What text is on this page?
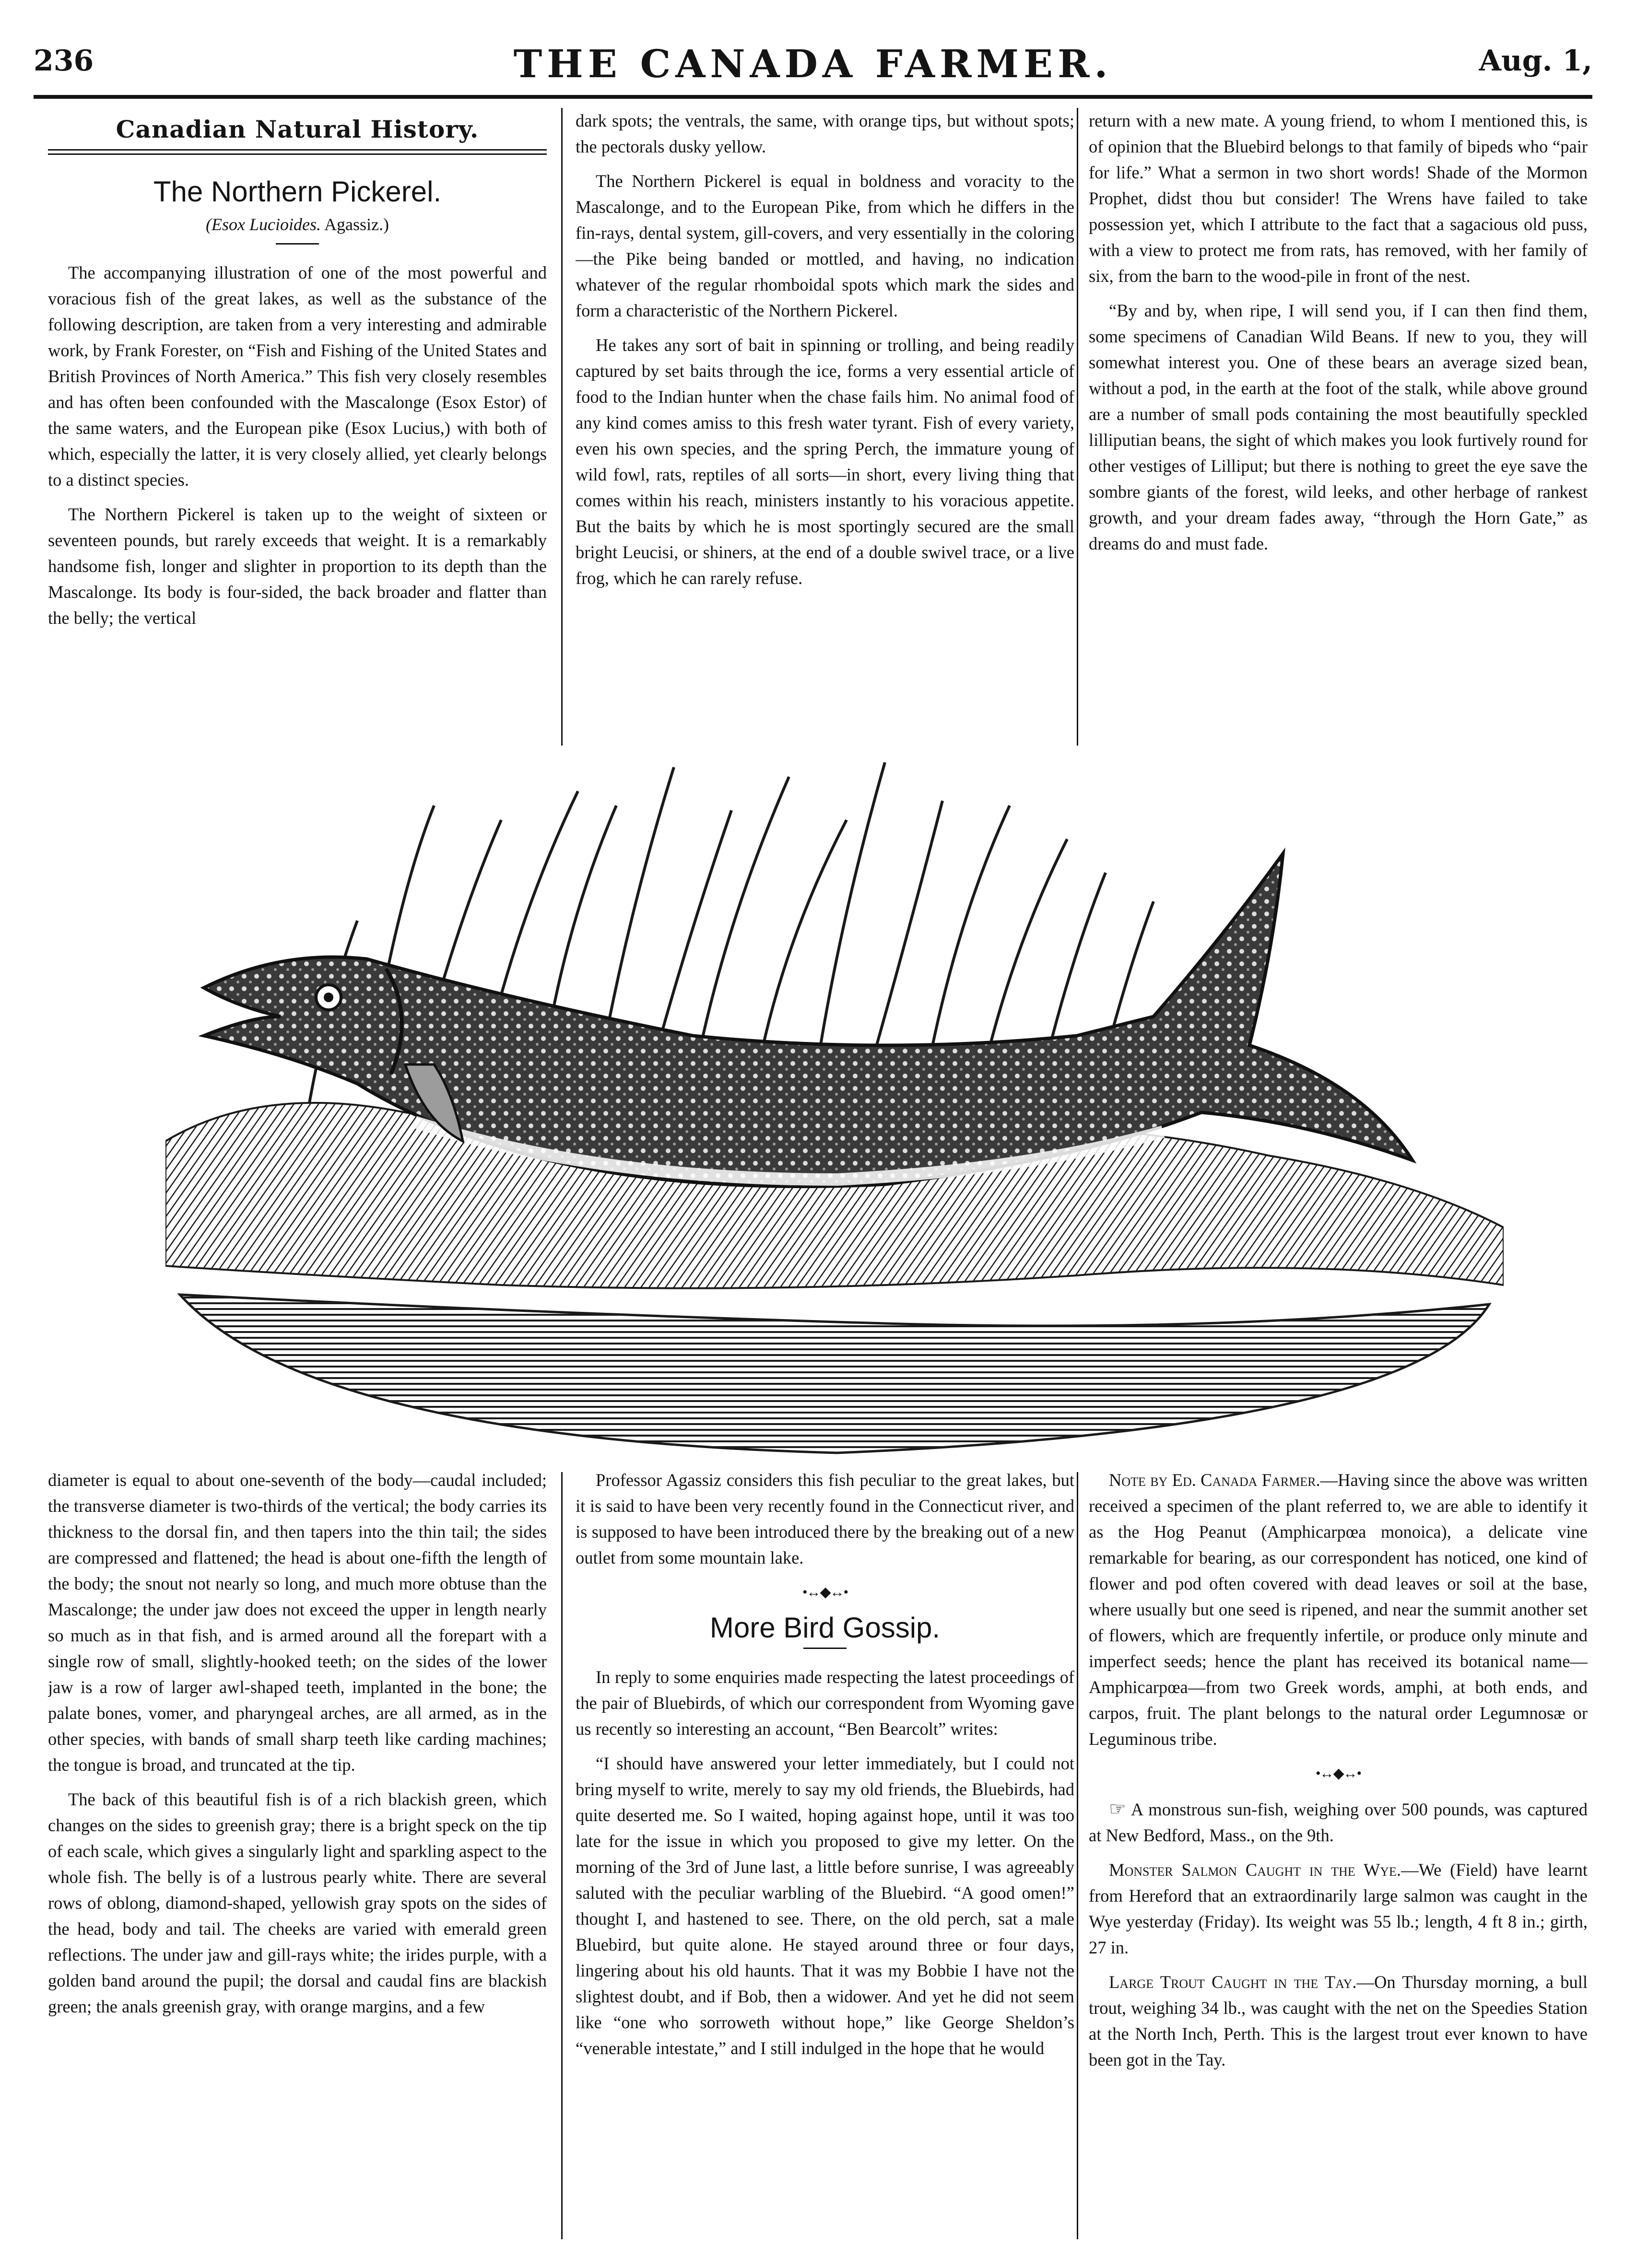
236	THE CANADA FARMER.	Aug. 1,
Canadian Natural History.
The Northern Pickerel.
(Esox Lucioides. Agassiz.)

The accompanying illustration of one of the most powerful and voracious fish of the great lakes, as well as the substance of the following description, are taken from a very interesting and admirable work, by Frank Forester, on “Fish and Fishing of the United States and British Provinces of North America.” This fish very closely resembles and has often been confounded with the Mascalonge (Esox Estor) of the same waters, and the European pike (Esox Lucius,) with both of which, especially the latter, it is very closely allied, yet clearly belongs to a distinct species.

The Northern Pickerel is taken up to the weight of sixteen or seventeen pounds, but rarely exceeds that weight. It is a remarkably handsome fish, longer and slighter in proportion to its depth than the Mascalonge. Its body is four-sided, the back broader and flatter than the belly; the vertical

dark spots; the ventrals, the same, with orange tips, but without spots; the pectorals dusky yellow.

The Northern Pickerel is equal in boldness and voracity to the Mascalonge, and to the European Pike, from which he differs in the fin-rays, dental system, gill-covers, and very essentially in the coloring—the Pike being banded or mottled, and having, no indication whatever of the regular rhomboidal spots which mark the sides and form a characteristic of the Northern Pickerel.

He takes any sort of bait in spinning or trolling, and being readily captured by set baits through the ice, forms a very essential article of food to the Indian hunter when the chase fails him. No animal food of any kind comes amiss to this fresh water tyrant. Fish of every variety, even his own species, and the spring Perch, the immature young of wild fowl, rats, reptiles of all sorts—in short, every living thing that comes within his reach, ministers instantly to his voracious appetite. But the baits by which he is most sportingly secured are the small bright Leucisi, or shiners, at the end of a double swivel trace, or a live frog, which he can rarely refuse.

return with a new mate. A young friend, to whom I mentioned this, is of opinion that the Bluebird belongs to that family of bipeds who “pair for life.” What a sermon in two short words! Shade of the Mormon Prophet, didst thou but consider! The Wrens have failed to take possession yet, which I attribute to the fact that a sagacious old puss, with a view to protect me from rats, has removed, with her family of six, from the barn to the wood-pile in front of the nest.

“By and by, when ripe, I will send you, if I can then find them, some specimens of Canadian Wild Beans. If new to you, they will somewhat interest you. One of these bears an average sized bean, without a pod, in the earth at the foot of the stalk, while above ground are a number of small pods containing the most beautifully speckled lilliputian beans, the sight of which makes you look furtively round for other vestiges of Lilliput; but there is nothing to greet the eye save the sombre giants of the forest, wild leeks, and other herbage of rankest growth, and your dream fades away, “through the Horn Gate,” as dreams do and must fade.

diameter is equal to about one-seventh of the body—caudal included; the transverse diameter is two-thirds of the vertical; the body carries its thickness to the dorsal fin, and then tapers into the thin tail; the sides are compressed and flattened; the head is about one-fifth the length of the body; the snout not nearly so long, and much more obtuse than the Mascalonge; the under jaw does not exceed the upper in length nearly so much as in that fish, and is armed around all the forepart with a single row of small, slightly-hooked teeth; on the sides of the lower jaw is a row of larger awl-shaped teeth, implanted in the bone; the palate bones, vomer, and pharyngeal arches, are all armed, as in the other species, with bands of small sharp teeth like carding machines; the tongue is broad, and truncated at the tip.

The back of this beautiful fish is of a rich blackish green, which changes on the sides to greenish gray; there is a bright speck on the tip of each scale, which gives a singularly light and sparkling aspect to the whole fish. The belly is of a lustrous pearly white. There are several rows of oblong, diamond-shaped, yellowish gray spots on the sides of the head, body and tail. The cheeks are varied with emerald green reflections. The under jaw and gill-rays white; the irides purple, with a golden band around the pupil; the dorsal and caudal fins are blackish green; the anals greenish gray, with orange margins, and a few

Professor Agassiz considers this fish peculiar to the great lakes, but it is said to have been very recently found in the Connecticut river, and is supposed to have been introduced there by the breaking out of a new outlet from some mountain lake.

•↔◆↔•
More Bird Gossip.

In reply to some enquiries made respecting the latest proceedings of the pair of Bluebirds, of which our correspondent from Wyoming gave us recently so interesting an account, “Ben Bearcolt” writes:

“I should have answered your letter immediately, but I could not bring myself to write, merely to say my old friends, the Bluebirds, had quite deserted me. So I waited, hoping against hope, until it was too late for the issue in which you proposed to give my letter. On the morning of the 3rd of June last, a little before sunrise, I was agreeably saluted with the peculiar warbling of the Bluebird. “A good omen!” thought I, and hastened to see. There, on the old perch, sat a male Bluebird, but quite alone. He stayed around three or four days, lingering about his old haunts. That it was my Bobbie I have not the slightest doubt, and if Bob, then a widower. And yet he did not seem like “one who sorroweth without hope,” like George Sheldon’s “venerable intestate,” and I still indulged in the hope that he would

Note by Ed. Canada Farmer.—Having since the above was written received a specimen of the plant referred to, we are able to identify it as the Hog Peanut (Amphicarpœa monoica), a delicate vine remarkable for bearing, as our correspondent has noticed, one kind of flower and pod often covered with dead leaves or soil at the base, where usually but one seed is ripened, and near the summit another set of flowers, which are frequently infertile, or produce only minute and imperfect seeds; hence the plant has received its botanical name—Amphicarpœa—from two Greek words, amphi, at both ends, and carpos, fruit. The plant belongs to the natural order Legumnosæ or Leguminous tribe.

•↔◆↔•

☞ A monstrous sun-fish, weighing over 500 pounds, was captured at New Bedford, Mass., on the 9th.

Monster Salmon Caught in the Wye.—We (Field) have learnt from Hereford that an extraordinarily large salmon was caught in the Wye yesterday (Friday). Its weight was 55 lb.; length, 4 ft 8 in.; girth, 27 in.

Large Trout Caught in the Tay.—On Thursday morning, a bull trout, weighing 34 lb., was caught with the net on the Speedies Station at the North Inch, Perth. This is the largest trout ever known to have been got in the Tay.
